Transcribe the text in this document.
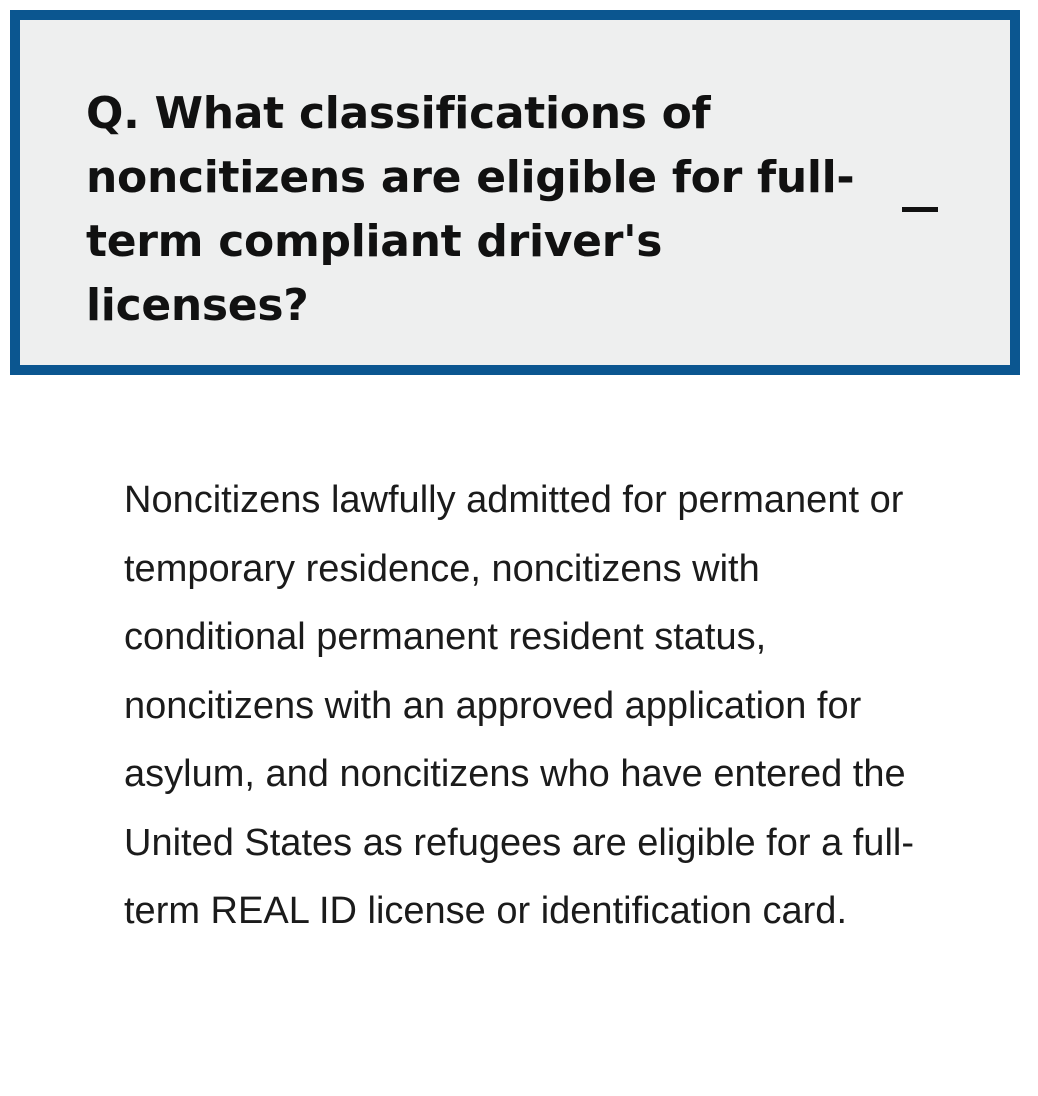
Q. What classifications of noncitizens are eligible for full-term compliant driver's licenses?

Noncitizens lawfully admitted for permanent or temporary residence, noncitizens with conditional permanent resident status, noncitizens with an approved application for asylum, and noncitizens who have entered the United States as refugees are eligible for a full-term REAL ID license or identification card.
